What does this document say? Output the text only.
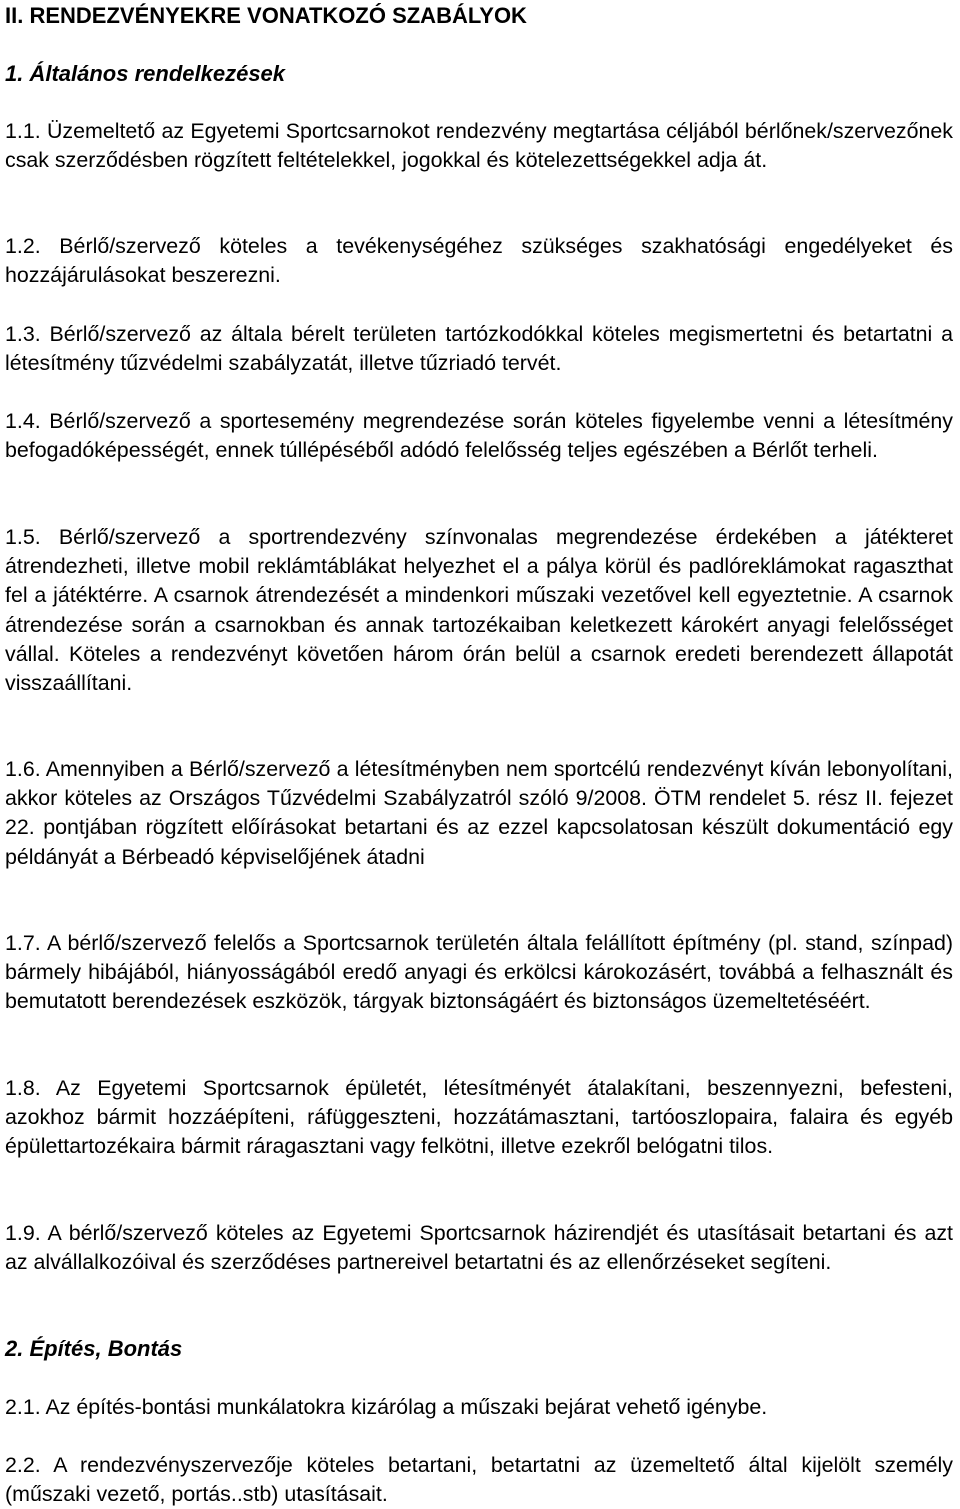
II. RENDEZVÉNYEKRE VONATKOZÓ SZABÁLYOK
1. Általános rendelkezések

1.1. Üzemeltető az Egyetemi Sportcsarnokot rendezvény megtartása céljából bérlőnek/szervezőnek csak szerződésben rögzített feltételekkel, jogokkal és kötelezettségekkel adja át.

1.2. Bérlő/szervező köteles a tevékenységéhez szükséges szakhatósági engedélyeket és hozzájárulásokat beszerezni.

1.3. Bérlő/szervező az általa bérelt területen tartózkodókkal köteles megismertetni és betartatni a létesítmény tűzvédelmi szabályzatát, illetve tűzriadó tervét.

1.4. Bérlő/szervező a sportesemény megrendezése során köteles figyelembe venni a létesítmény befogadóképességét, ennek túllépéséből adódó felelősség teljes egészében a Bérlőt terheli.

1.5. Bérlő/szervező a sportrendezvény színvonalas megrendezése érdekében a játékteret átrendezheti, illetve mobil reklámtáblákat helyezhet el a pálya körül és padlóreklámokat ragaszthat fel a játéktérre. A csarnok átrendezését a mindenkori műszaki vezetővel kell egyeztetnie. A csarnok átrendezése során a csarnokban és annak tartozékaiban keletkezett károkért anyagi felelősséget vállal. Köteles a rendezvényt követően három órán belül a csarnok eredeti berendezett állapotát visszaállítani.

1.6. Amennyiben a Bérlő/szervező a létesítményben nem sportcélú rendezvényt kíván lebonyolítani, akkor köteles az Országos Tűzvédelmi Szabályzatról szóló 9/2008. ÖTM rendelet 5. rész II. fejezet 22. pontjában rögzített előírásokat betartani és az ezzel kapcsolatosan készült dokumentáció egy példányát a Bérbeadó képviselőjének átadni

1.7. A bérlő/szervező felelős a Sportcsarnok területén általa felállított építmény (pl. stand, színpad) bármely hibájából, hiányosságából eredő anyagi és erkölcsi károkozásért, továbbá a felhasznált és bemutatott berendezések eszközök, tárgyak biztonságáért és biztonságos üzemeltetéséért.

1.8. Az Egyetemi Sportcsarnok épületét, létesítményét átalakítani, beszennyezni, befesteni, azokhoz bármit hozzáépíteni, ráfüggeszteni, hozzátámasztani, tartóoszlopaira, falaira és egyéb épülettartozékaira bármit ráragasztani vagy felkötni, illetve ezekről belógatni tilos.

1.9. A bérlő/szervező köteles az Egyetemi Sportcsarnok házirendjét és utasításait betartani és azt az alvállalkozóival és szerződéses partnereivel betartatni és az ellenőrzéseket segíteni.

2. Építés, Bontás

2.1. Az építés-bontási munkálatokra kizárólag a műszaki bejárat vehető igénybe.

2.2. A rendezvényszervezője köteles betartani, betartatni az üzemeltető által kijelölt személy (műszaki vezető, portás..stb) utasításait.
